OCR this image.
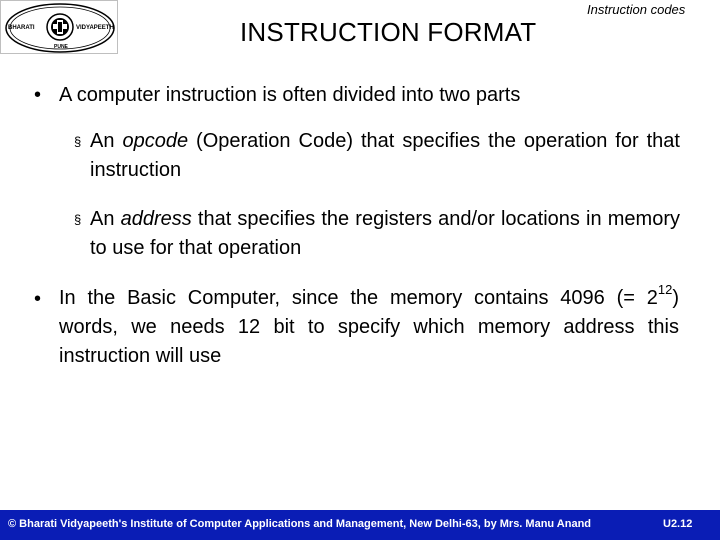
BHARATI	VIDYAPEETH
PUNE
Instruction codes
INSTRUCTION FORMAT
• A computer instruction is often divided into two parts
§ An opcode (Operation Code) that specifies the operation for that instruction
§ An address that specifies the registers and/or locations in memory to use for that operation
• In the Basic Computer, since the memory contains 4096 (= $2^{12}$) words, we needs 12 bit to specify which memory address this instruction will use
© Bharati Vidyapeeth's Institute of Computer Applications and Management, New Delhi-63, by Mrs. Manu Anand	U2.12
